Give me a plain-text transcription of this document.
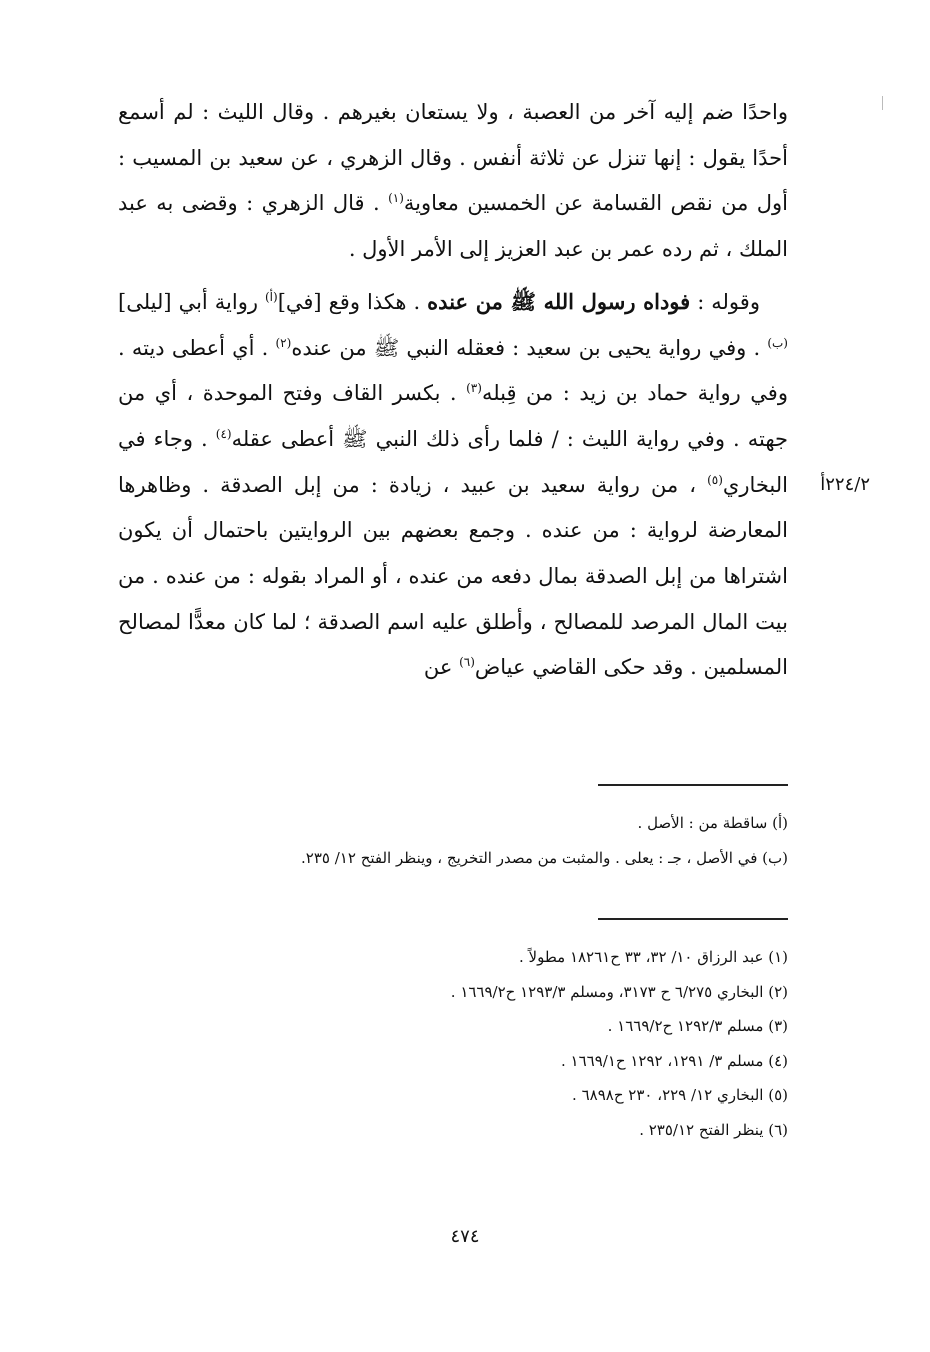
واحدًا ضم إليه آخر من العصبة ، ولا يستعان بغيرهم . وقال الليث : لم أسمع أحدًا يقول : إنها تنزل عن ثلاثة أنفس . وقال الزهري ، عن سعيد بن المسيب : أول من نقص القسامة عن الخمسين معاوية$^{(١)}$ . قال الزهري : وقضى به عبد الملك ، ثم رده عمر بن عبد العزيز إلى الأمر الأول .

وقوله : فوداه رسول الله ﷺ من عنده . هكذا وقع [في]$^{(أ)}$ رواية أبي [ليلى]$^{(ب)}$ . وفي رواية يحيى بن سعيد : فعقله النبي ﷺ من عنده$^{(٢)}$ . أي أعطى ديته . وفي رواية حماد بن زيد : من قِبله$^{(٣)}$ . بكسر القاف وفتح الموحدة ، أي من جهته . وفي رواية الليث : / فلما رأى ذلك النبي ﷺ أعطى عقله$^{(٤)}$ . وجاء في البخاري$^{(٥)}$ ، من رواية سعيد بن عبيد ، زيادة : من إبل الصدقة . وظاهرها المعارضة لرواية : من عنده . وجمع بعضهم بين الروايتين باحتمال أن يكون اشتراها من إبل الصدقة بمال دفعه من عنده ، أو المراد بقوله : من عنده . من بيت المال المرصد للمصالح ، وأطلق عليه اسم الصدقة ؛ لما كان معدًّا لمصالح المسلمين . وقد حكى القاضي عياض$^{(٦)}$ عن

٢٢٤/٢أ
(أ) ساقطة من : الأصل .
(ب) في الأصل ، جـ : يعلى . والمثبت من مصدر التخريج ، وينظر الفتح ١٢/ ٢٣٥.
(١) عبد الرزاق ١٠/ ٣٢، ٣٣ ح١٨٢٦١ مطولاً .
(٢) البخاري ٦/٢٧٥ ح ٣١٧٣، ومسلم ١٢٩٣/٣ ح١٦٦٩/٢ .
(٣) مسلم ١٢٩٢/٣ ح١٦٦٩/٢ .
(٤) مسلم ٣/ ١٢٩١، ١٢٩٢ ح١٦٦٩/١ .
(٥) البخاري ١٢/ ٢٢٩، ٢٣٠ ح٦٨٩٨ .
(٦) ينظر الفتح ٢٣٥/١٢ .
٤٧٤
